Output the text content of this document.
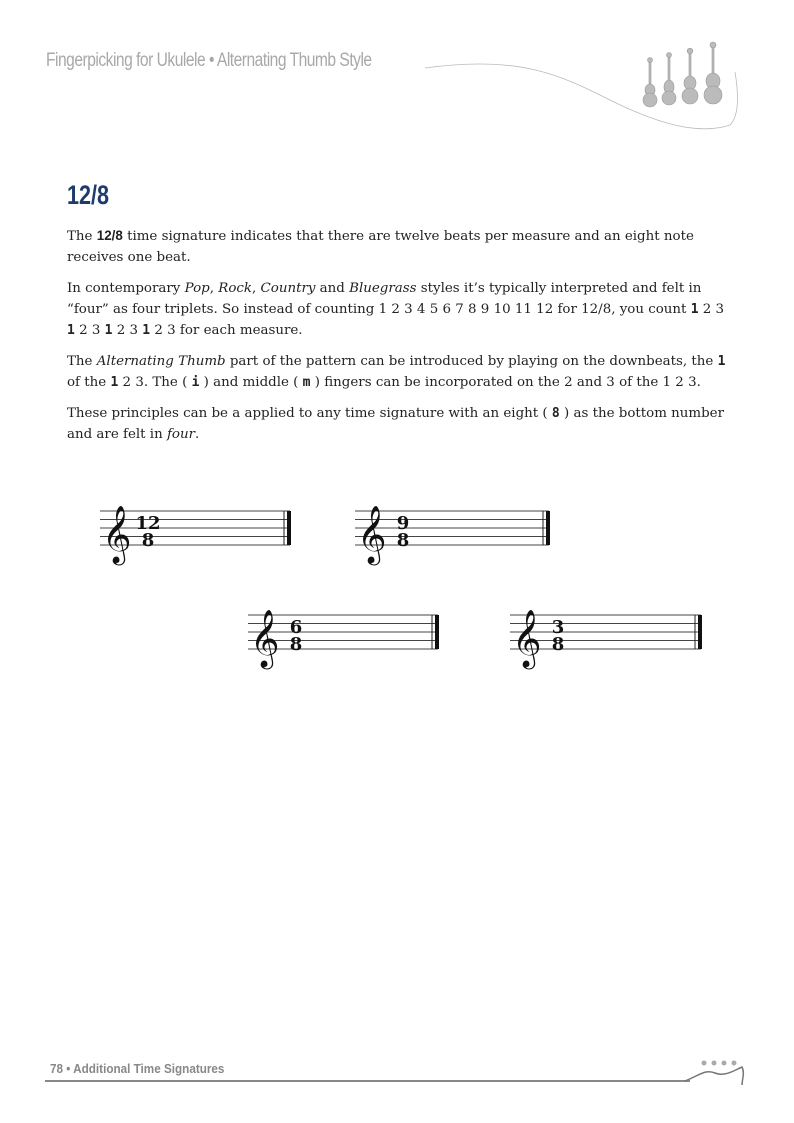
Fingerpicking for Ukulele • Alternating Thumb Style
12/8

The 12/8 time signature indicates that there are twelve beats per measure and an eight note receives one beat.

In contemporary Pop, Rock, Country and Bluegrass styles it’s typically interpreted and felt in “four” as four triplets. So instead of counting 1 2 3 4 5 6 7 8 9 10 11 12 for 12/8, you count 1 2 3 1 2 3 1 2 3 1 2 3 for each measure.

The Alternating Thumb part of the pattern can be introduced by playing on the downbeats, the 1 of the 1 2 3. The ( i ) and middle ( m ) fingers can be incorporated on the 2 and 3 of the 1 2 3.

These principles can be a applied to any time signature with an eight ( 8 ) as the bottom number and are felt in four.

𝄞 12
8	𝄞 9
8
𝄞 6
8	𝄞 3
8
78 • Additional Time Signatures
